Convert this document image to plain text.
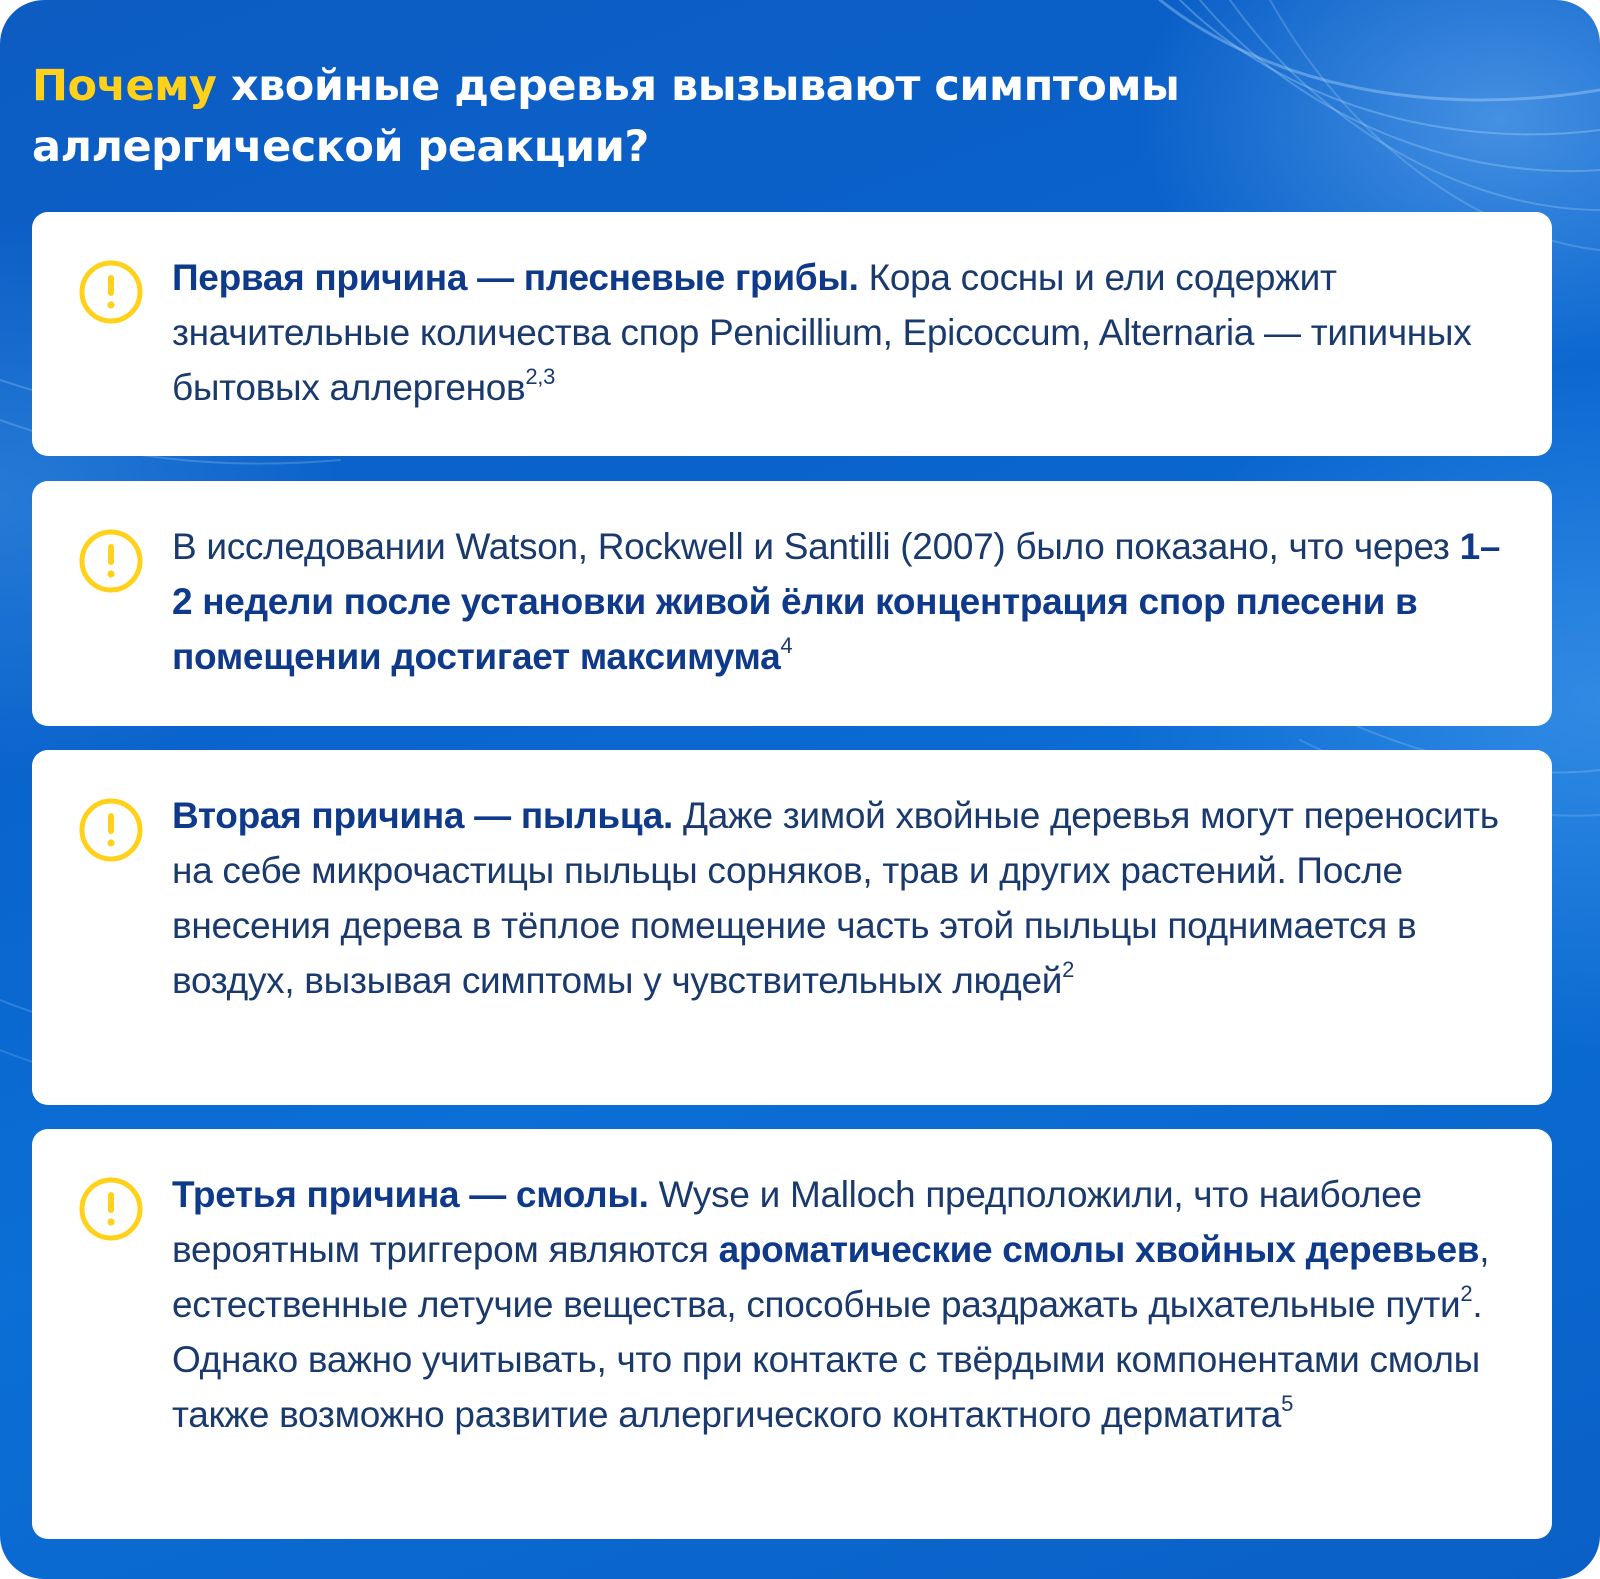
Почему хвойные деревья вызывают симптомы аллергической реакции?

Первая причина — плесневые грибы. Кора сосны и ели содержит значительные количества спор Penicillium, Epicoccum, Alternaria — типичных бытовых аллергенов$^{2,3}$

В исследовании Watson, Rockwell и Santilli (2007) было показано, что через 1–2 недели после установки живой ёлки концентрация спор плесени в помещении достигает максимума$^4$

Вторая причина — пыльца. Даже зимой хвойные деревья могут переносить на себе микрочастицы пыльцы сорняков, трав и других растений. После внесения дерева в тёплое помещение часть этой пыльцы поднимается в воздух, вызывая симптомы у чувствительных людей$^2$

Третья причина — смолы. Wyse и Malloch предположили, что наиболее вероятным триггером являются ароматические смолы хвойных деревьев, естественные летучие вещества, способные раздражать дыхательные пути$^2$. Однако важно учитывать, что при контакте с твёрдыми компонентами смолы также возможно развитие аллергического контактного дерматита$^5$
